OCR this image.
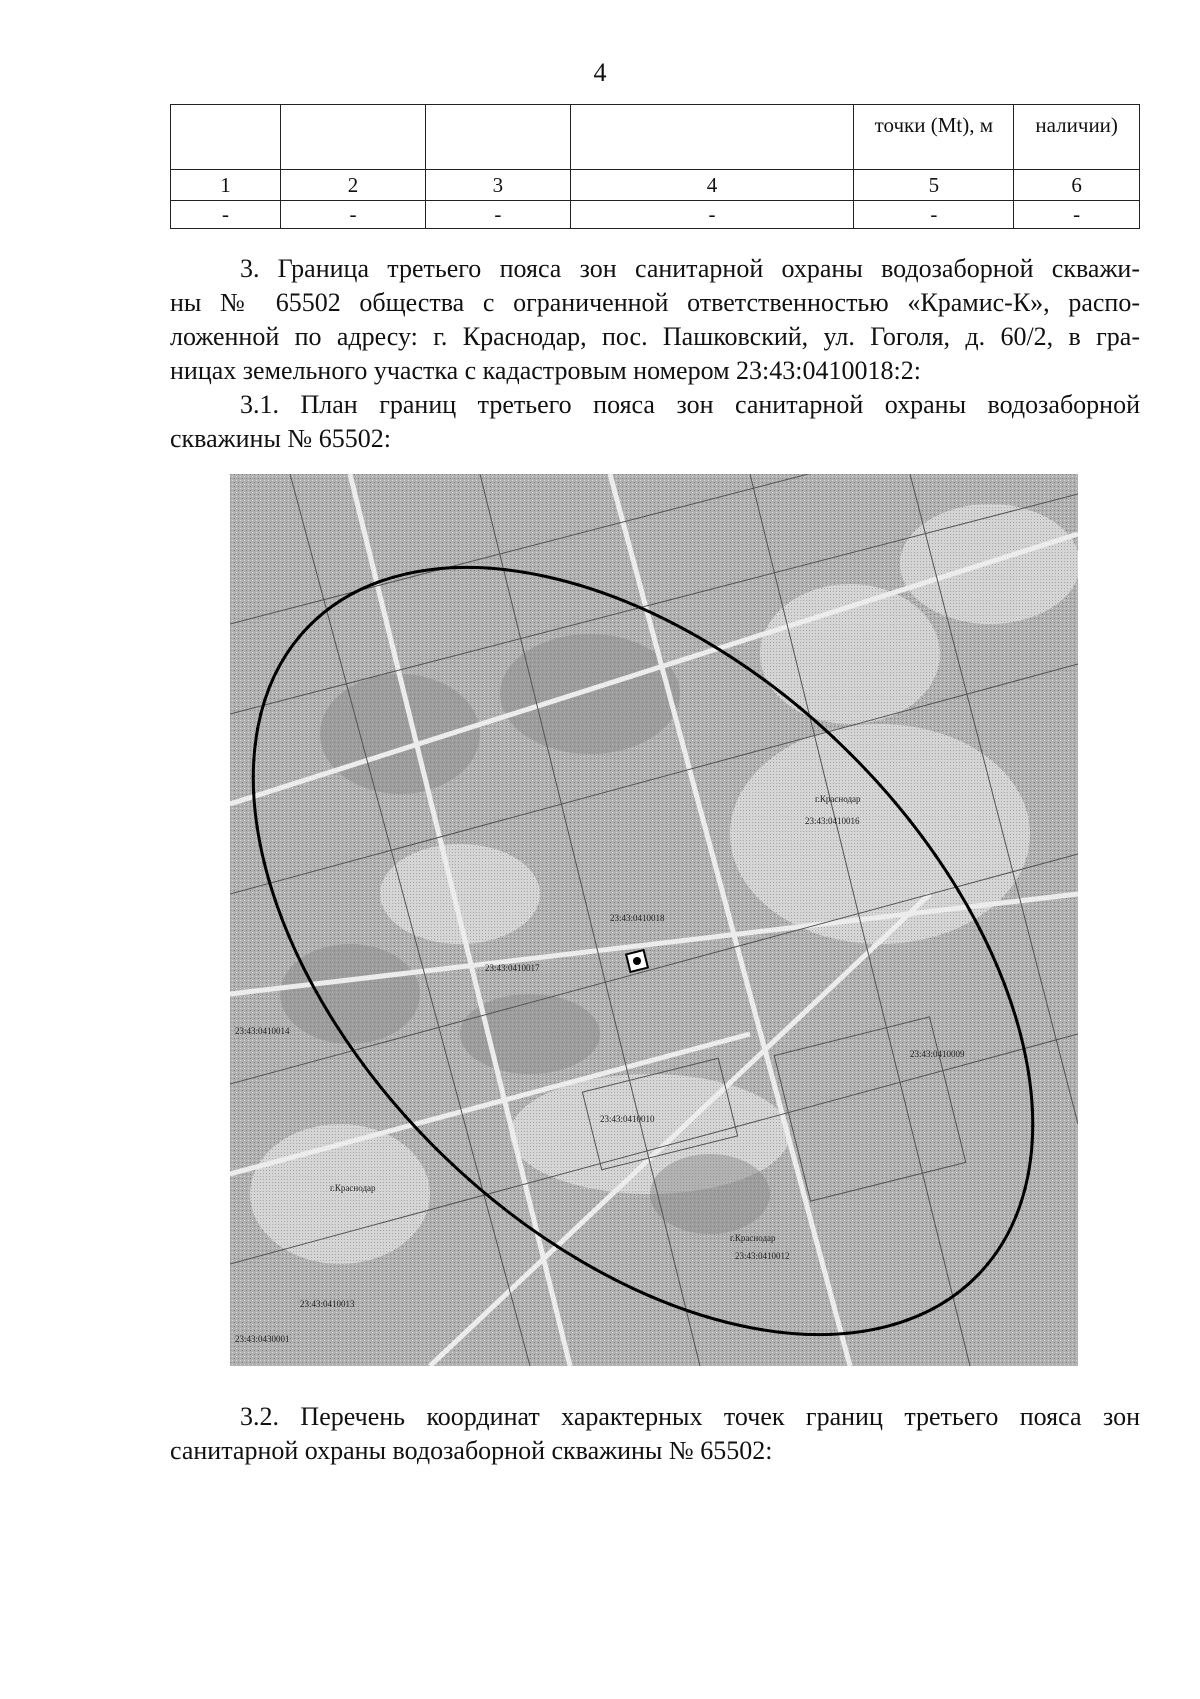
4
				точки (Mt), м	наличии)
1	2	3	4	5	6
-	-	-	-	-	-
3. Граница третьего пояса зон санитарной охраны водозаборной скважи-
ны № 65502 общества с ограниченной ответственностью «Крамис-К», распо-
ложенной по адресу: г. Краснодар, пос. Пашковский, ул. Гоголя, д. 60/2, в гра-
ницах земельного участка с кадастровым номером 23:43:0410018:2:
3.1. План границ третьего пояса зон санитарной охраны водозаборной
скважины № 65502:
г.Краснодар
23:43:0410016
23:43:0410018
23:43:0410017
23:43:0410009
23:43:0410010
г.Краснодар
г.Краснодар
23:43:0410012
23:43:0410014
23:43:0410013
23:43:0430001
3.2. Перечень координат характерных точек границ третьего пояса зон
санитарной охраны водозаборной скважины № 65502:
